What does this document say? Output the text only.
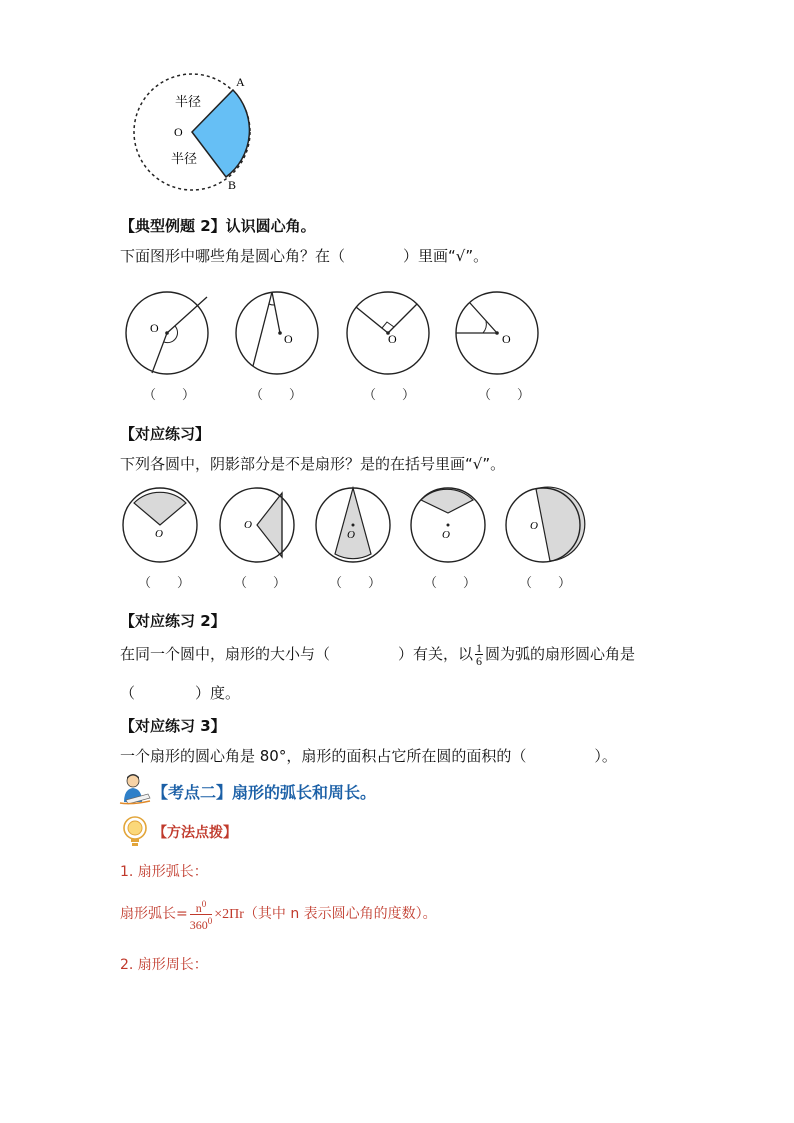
A
B
O
半径
半径
【典型例题 2】认识圆心角。
下面图形中哪些角是圆心角？在（	）里画“√”。
O
O	O	O
（　　）	（　　）	（　　）	（　　）
【对应练习】
下列各圆中，阴影部分是不是扇形？是的在括号里画“√”。
O
O
O	O
O
（　　）	（　　）	（　　）	（　　）	（　　）
【对应练习 2】
在同一个圆中，扇形的大小与（	）有关，以 $\frac{1}{6}$ 圆为弧的扇形圆心角是
（　　　　）度。
【对应练习 3】
一个扇形的圆心角是 80°，扇形的面积占它所在圆的面积的（	）。
【考点二】扇形的弧长和周长。
【方法点拨】
1. 扇形弧长：
扇形弧长= $\frac{n^0}{360^0} \times 2Пr$（其中 n 表示圆心角的度数）。
2. 扇形周长：
